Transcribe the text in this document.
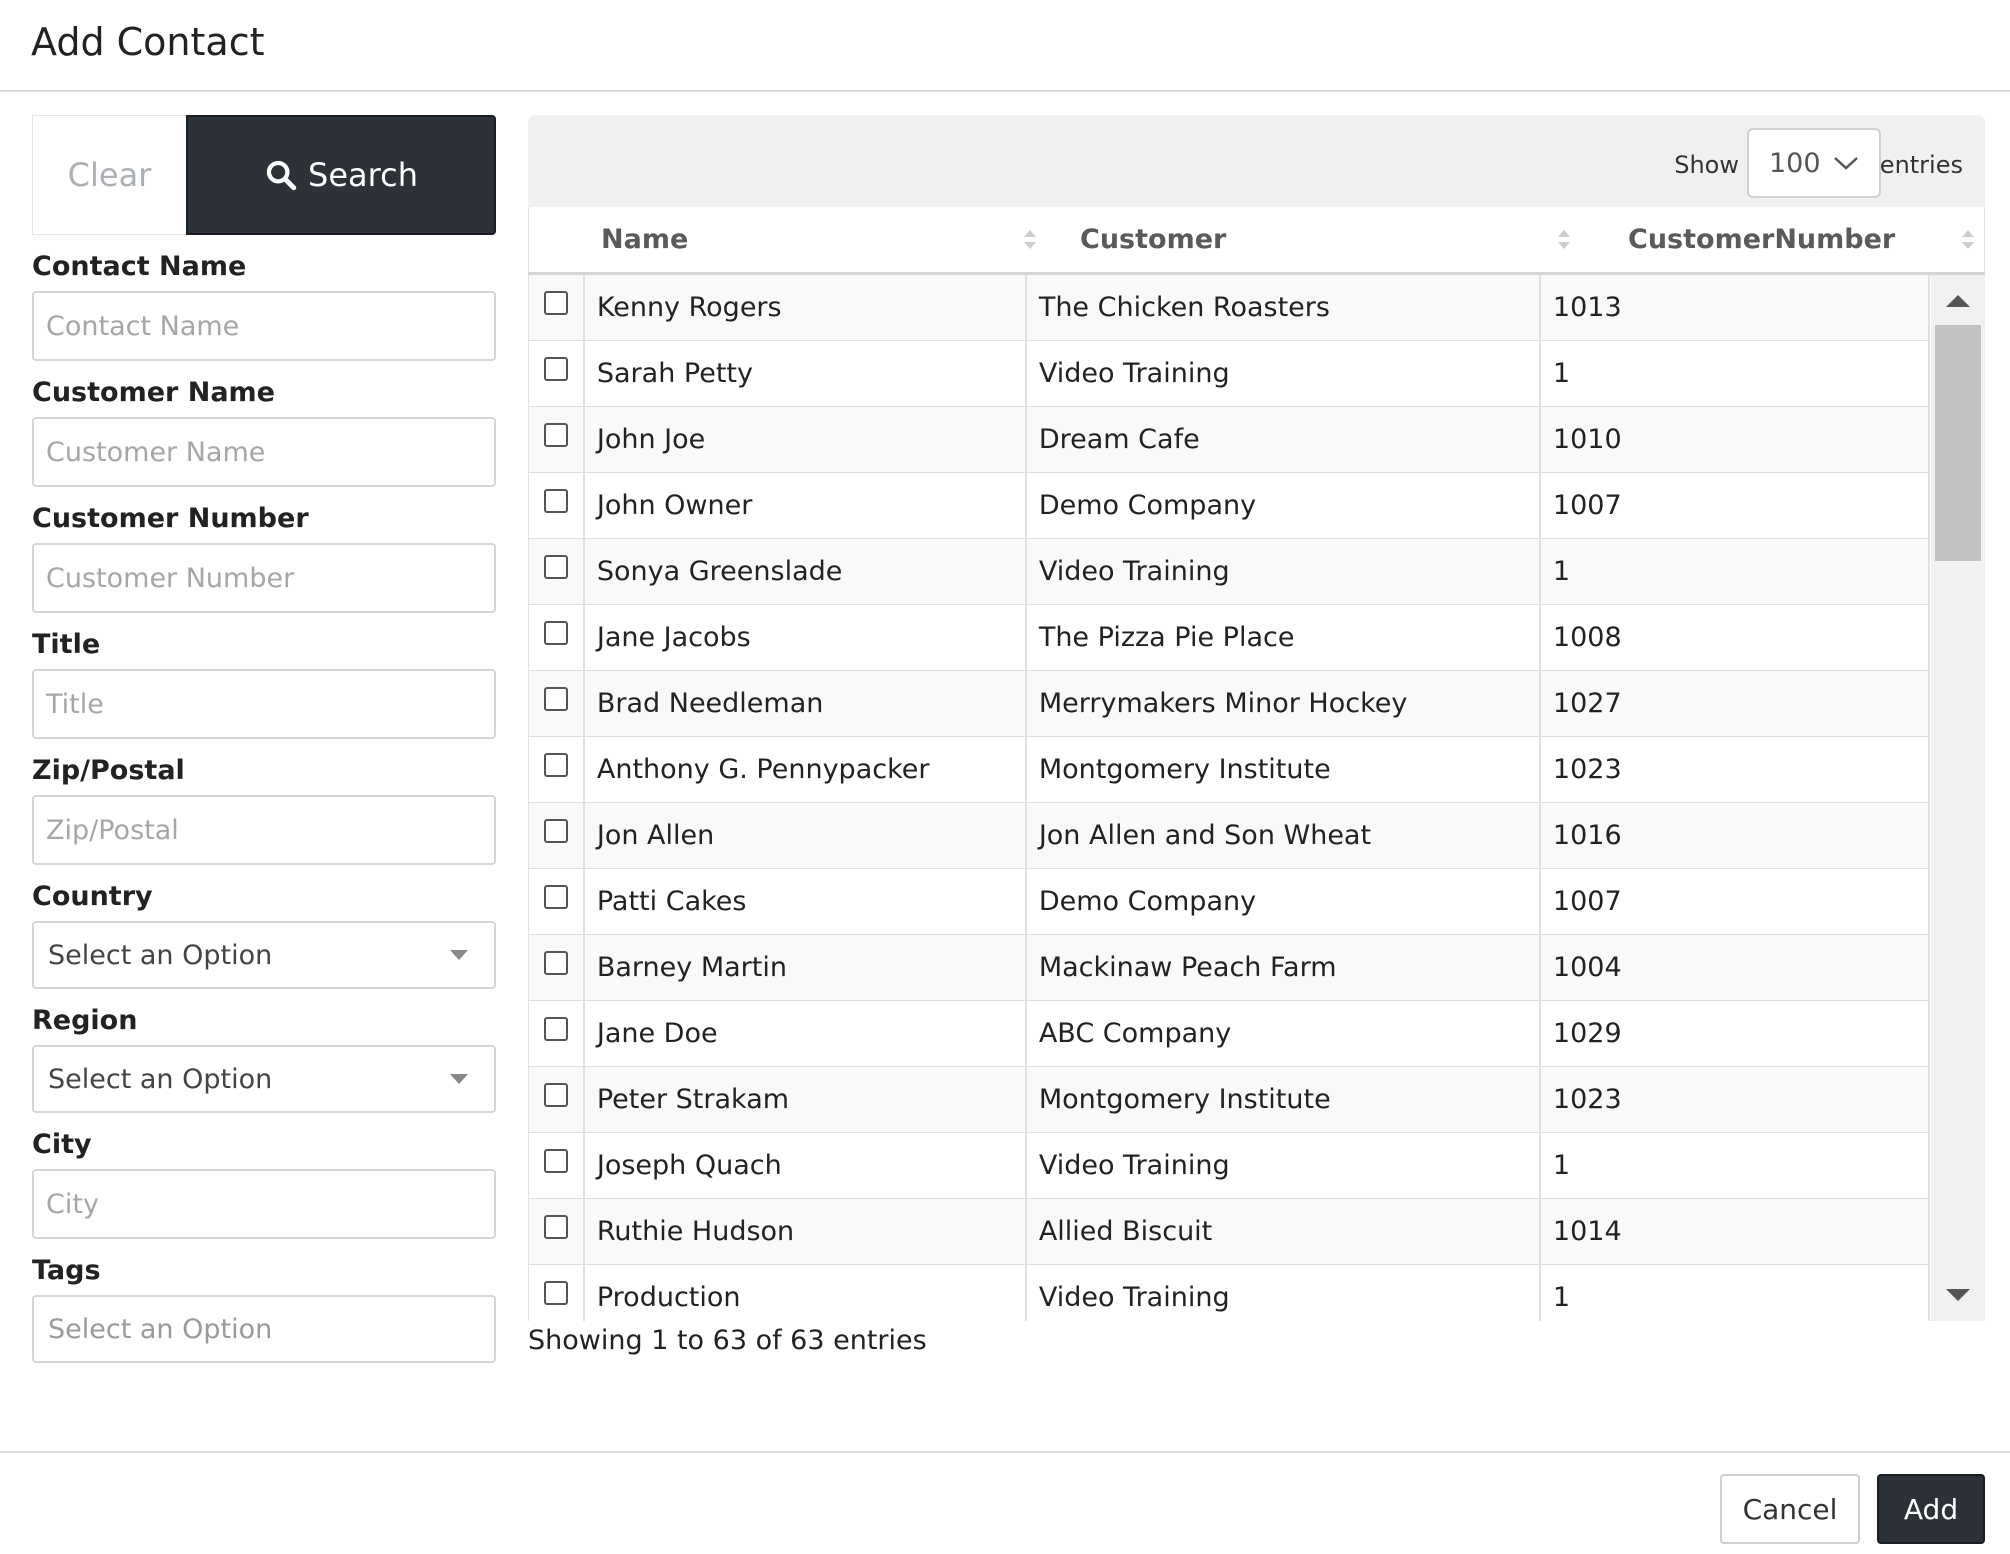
Add Contact
Clear	Search
Contact Name
Contact Name
Customer Name
Customer Name
Customer Number
Customer Number
Title
Title
Zip/Postal
Zip/Postal
Country
Select an Option
Region
Select an Option
City
City
Tags
Select an Option
Show 100 entries
Name	Customer	CustomerNumber
Kenny Rogers	The Chicken Roasters	1013
Sarah Petty	Video Training	1
John Joe	Dream Cafe	1010
John Owner	Demo Company	1007
Sonya Greenslade	Video Training	1
Jane Jacobs	The Pizza Pie Place	1008
Brad Needleman	Merrymakers Minor Hockey	1027
Anthony G. Pennypacker	Montgomery Institute	1023
Jon Allen	Jon Allen and Son Wheat	1016
Patti Cakes	Demo Company	1007
Barney Martin	Mackinaw Peach Farm	1004
Jane Doe	ABC Company	1029
Peter Strakam	Montgomery Institute	1023
Joseph Quach	Video Training	1
Ruthie Hudson	Allied Biscuit	1014
Production	Video Training	1
Showing 1 to 63 of 63 entries
Cancel	Add
